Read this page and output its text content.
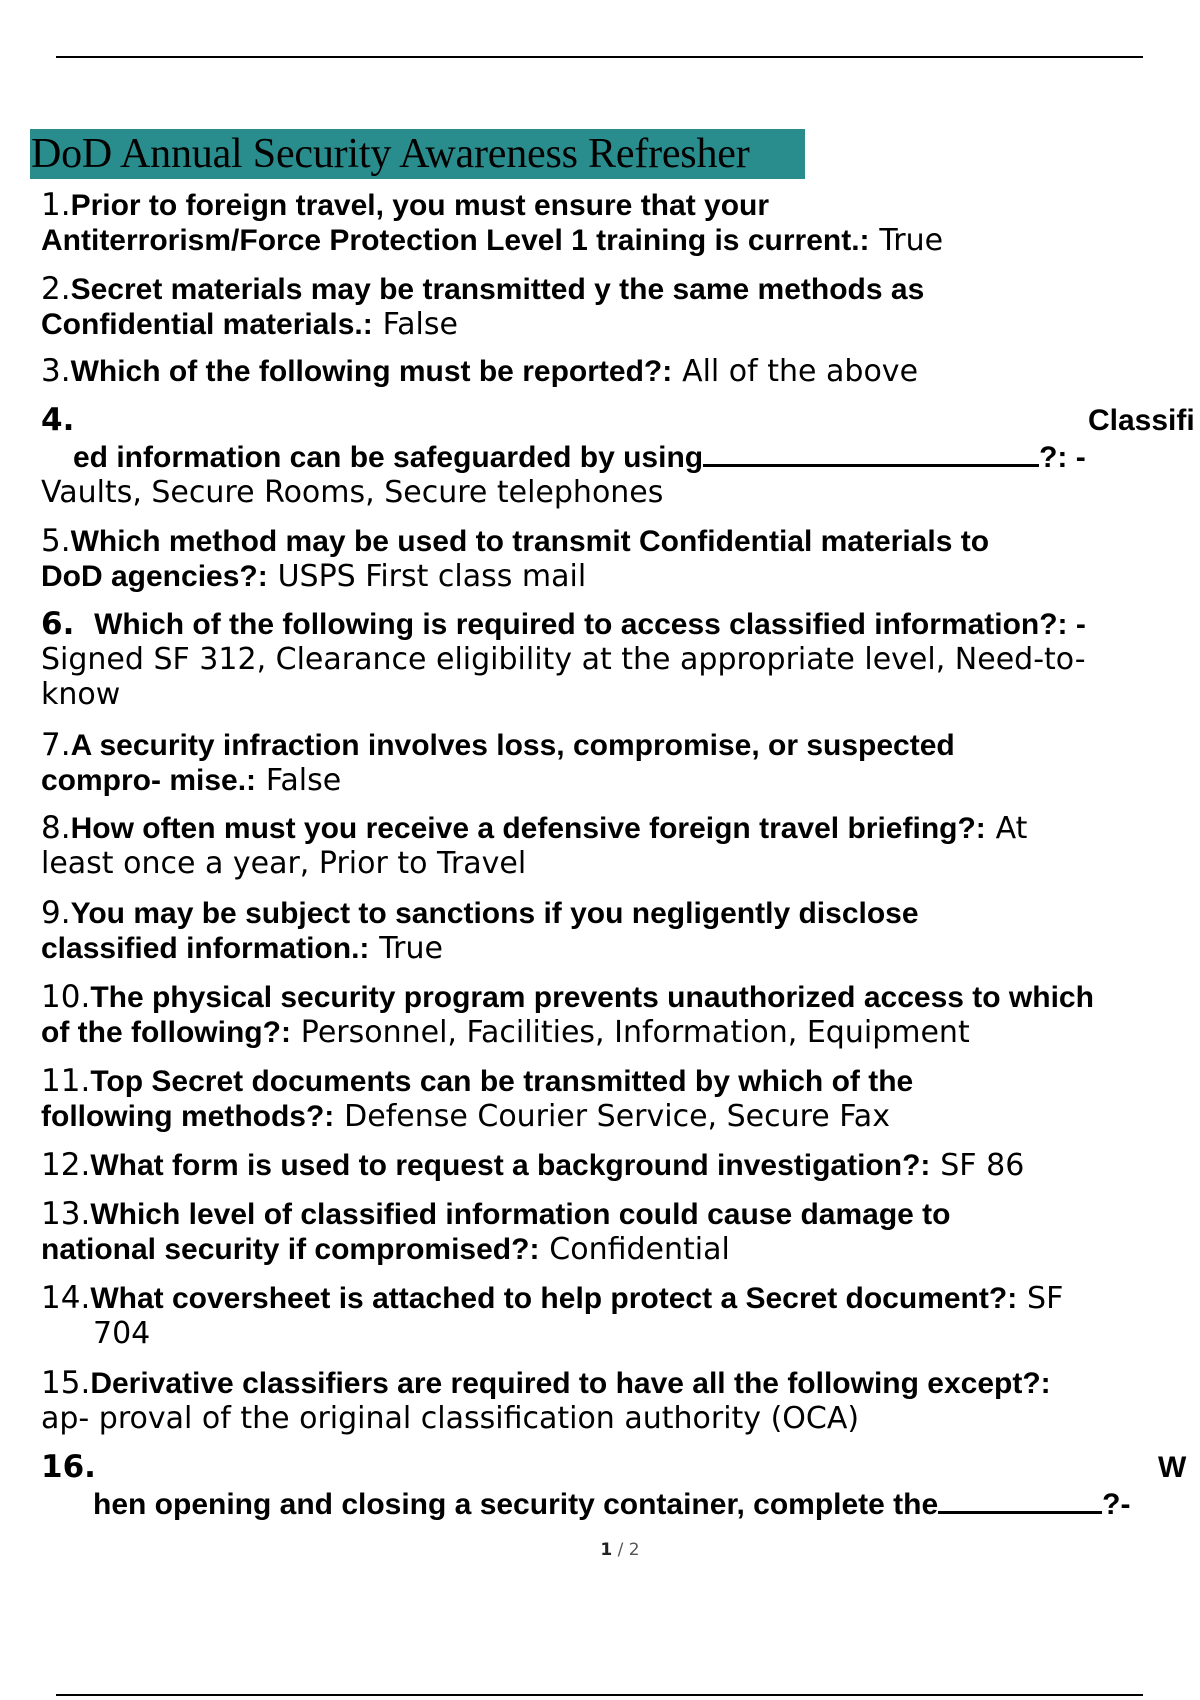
DoD Annual Security Awareness Refresher
1.Prior to foreign travel, you must ensure that your
Antiterrorism/Force Protection Level 1 training is current.: True
2.Secret materials may be transmitted y the same methods as
Confidential materials.: False
3.Which of the following must be reported?: All of the above
4.
ed information can be safeguarded by using	?: -
Vaults, Secure Rooms, Secure telephones
Classifi
5.Which method may be used to transmit Confidential materials to
DoD agencies?: USPS First class mail
6. Which of the following is required to access classified information?: -
Signed SF 312, Clearance eligibility at the appropriate level, Need-to-
know
7.A security infraction involves loss, compromise, or suspected
compro- mise.: False
8.How often must you receive a defensive foreign travel briefing?: At
least once a year, Prior to Travel
9.You may be subject to sanctions if you negligently disclose
classified information.: True
10.The physical security program prevents unauthorized access to which
of the following?: Personnel, Facilities, Information, Equipment
11.Top Secret documents can be transmitted by which of the
following methods?: Defense Courier Service, Secure Fax
12.What form is used to request a background investigation?: SF 86
13.Which level of classified information could cause damage to
national security if compromised?: Confidential
14.What coversheet is attached to help protect a Secret document?: SF
704
15.Derivative classifiers are required to have all the following except?:
ap- proval of the original classification authority (OCA)
16.
hen opening and closing a security container, complete the	?-
W
1 / 2
